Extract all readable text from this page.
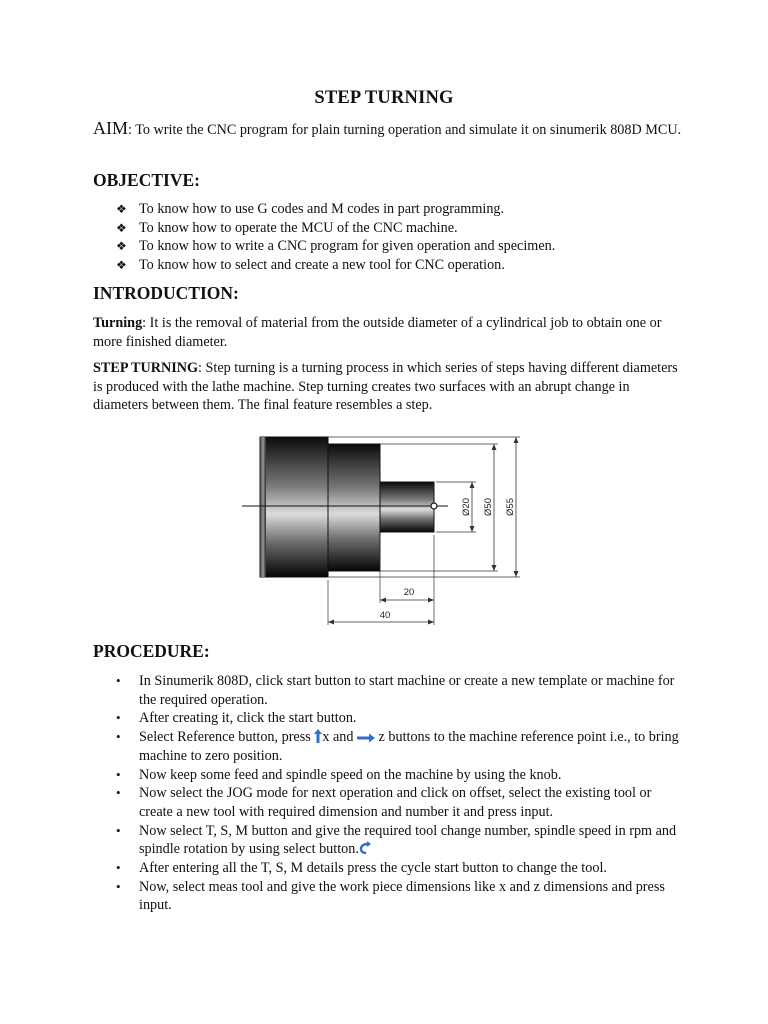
STEP TURNING
AIM: To write the CNC program for plain turning operation and simulate it on sinumerik 808D MCU.
OBJECTIVE:
❖ To know how to use G codes and M codes in part programming.
❖ To know how to operate the MCU of the CNC machine.
❖ To know how to write a CNC program for given operation and specimen.
❖ To know how to select and create a new tool for CNC operation.
INTRODUCTION:

Turning: It is the removal of material from the outside diameter of a cylindrical job to obtain one or more finished diameter.

STEP TURNING: Step turning is a turning process in which series of steps having different diameters is produced with the lathe machine. Step turning creates two surfaces with an abrupt change in diameters between them. The final feature resembles a step.

Ø20 Ø50 Ø55
20
40
PROCEDURE:
• In Sinumerik 808D, click start button to start machine or create a new template or machine for the required operation.
• After creating it, click the start button.
• Select Reference button, press x and  z buttons to the machine reference point i.e., to bring machine to zero position.
• Now keep some feed and spindle speed on the machine by using the knob.
• Now select the JOG mode for next operation and click on offset, select the existing tool or create a new tool with required dimension and number it and press input.
• Now select T, S, M button and give the required tool change number, spindle speed in rpm and spindle rotation by using select button.
• After entering all the T, S, M details press the cycle start button to change the tool.
• Now, select meas tool and give the work piece dimensions like x and z dimensions and press input.
